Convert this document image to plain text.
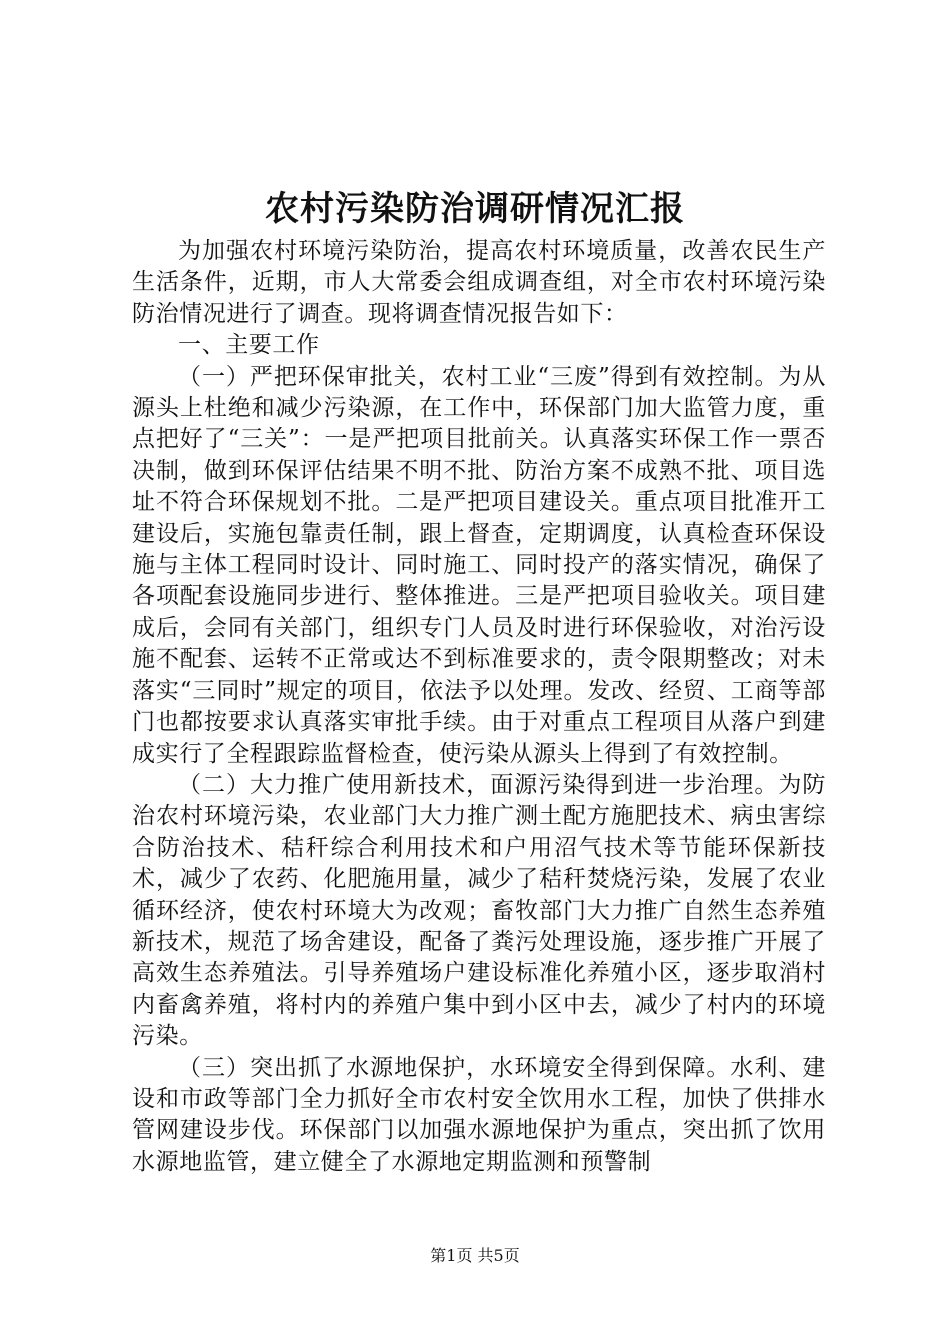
农村污染防治调研情况汇报

为加强农村环境污染防治，提高农村环境质量，改善农民生产生活条件，近期，市人大常委会组成调查组，对全市农村环境污染防治情况进行了调查。现将调查情况报告如下：

一、主要工作

（一）严把环保审批关，农村工业“三废”得到有效控制。为从源头上杜绝和减少污染源，在工作中，环保部门加大监管力度，重点把好了“三关”：一是严把项目批前关。认真落实环保工作一票否决制，做到环保评估结果不明不批、防治方案不成熟不批、项目选址不符合环保规划不批。二是严把项目建设关。重点项目批准开工建设后，实施包靠责任制，跟上督查，定期调度，认真检查环保设施与主体工程同时设计、同时施工、同时投产的落实情况，确保了各项配套设施同步进行、整体推进。三是严把项目验收关。项目建成后，会同有关部门，组织专门人员及时进行环保验收，对治污设施不配套、运转不正常或达不到标准要求的，责令限期整改；对未落实“三同时”规定的项目，依法予以处理。发改、经贸、工商等部门也都按要求认真落实审批手续。由于对重点工程项目从落户到建成实行了全程跟踪监督检查，使污染从源头上得到了有效控制。

（二）大力推广使用新技术，面源污染得到进一步治理。为防治农村环境污染，农业部门大力推广测土配方施肥技术、病虫害综合防治技术、秸秆综合利用技术和户用沼气技术等节能环保新技术，减少了农药、化肥施用量，减少了秸秆焚烧污染，发展了农业循环经济，使农村环境大为改观；畜牧部门大力推广自然生态养殖新技术，规范了场舍建设，配备了粪污处理设施，逐步推广开展了高效生态养殖法。引导养殖场户建设标准化养殖小区，逐步取消村内畜禽养殖，将村内的养殖户集中到小区中去，减少了村内的环境污染。

（三）突出抓了水源地保护，水环境安全得到保障。水利、建设和市政等部门全力抓好全市农村安全饮用水工程，加快了供排水管网建设步伐。环保部门以加强水源地保护为重点，突出抓了饮用水源地监管，建立健全了水源地定期监测和预警制

第1页 共5页
